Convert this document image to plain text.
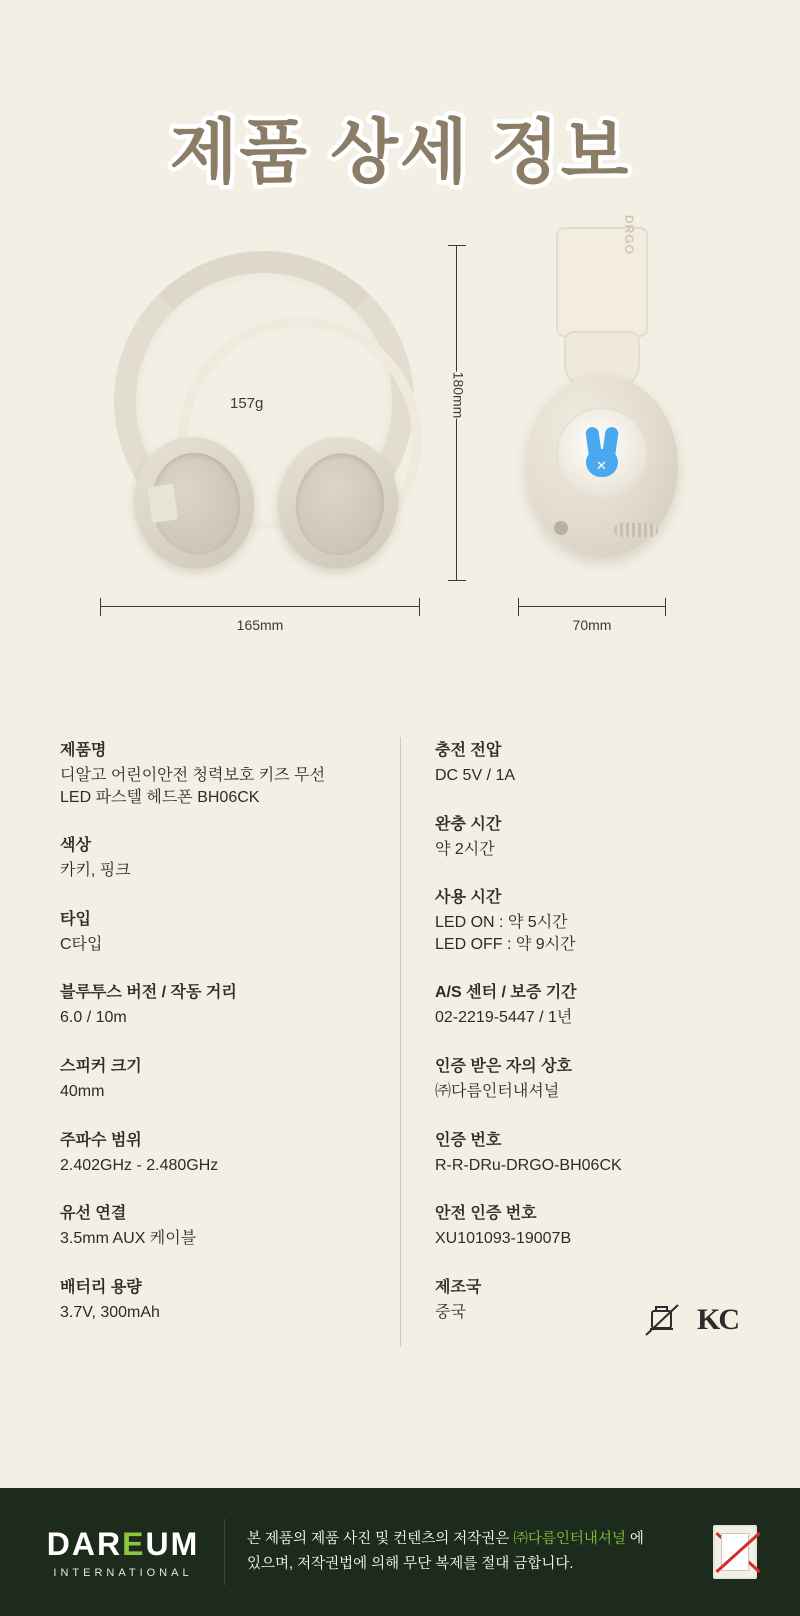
제품 상세 정보
157g	180mm
DRGO
✕
165mm	70mm
제품명
디알고 어린이안전 청력보호 키즈 무선
LED 파스텔 헤드폰 BH06CK
색상
카키, 핑크
타입
C타입
블루투스 버전 / 작동 거리
6.0 / 10m
스피커 크기
40mm
주파수 범위
2.402GHz - 2.480GHz
유선 연결
3.5mm AUX 케이블
배터리 용량
3.7V, 300mAh
충전 전압
DC 5V / 1A
완충 시간
약 2시간
사용 시간
LED ON : 약 5시간
LED OFF : 약 9시간
A/S 센터 / 보증 기간
02-2219-5447 / 1년
인증 받은 자의 상호
㈜다름인터내셔널
인증 번호
R-R-DRu-DRGO-BH06CK
안전 인증 번호
XU101093-19007B
제조국
중국	KC
DAREUM
INTERNATIONAL
본 제품의 제품 사진 및 컨텐츠의 저작권은 ㈜다름인터내셔널 에
있으며, 저작권법에 의해 무단 복제를 절대 금합니다.
